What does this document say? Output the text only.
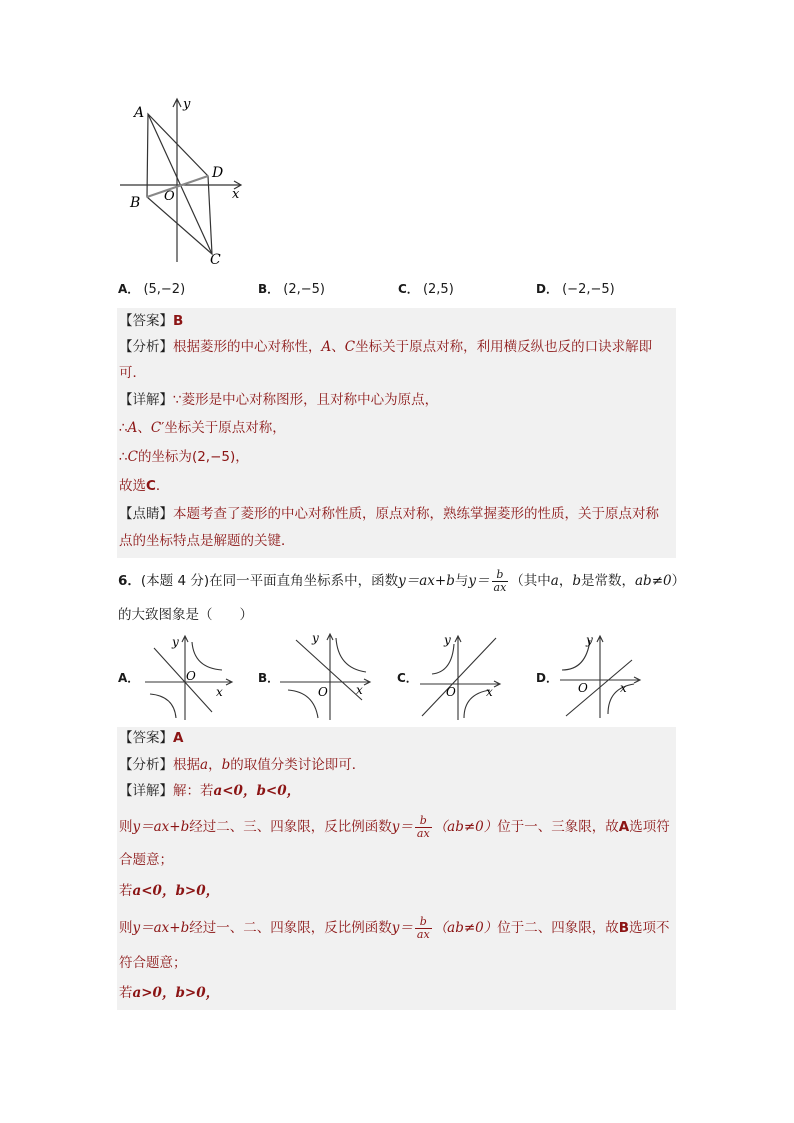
A
y
D
O	x
B
C
A． (5,−2)	B． (2,−5)	C． (2,5)	D． (−2,−5)
【答案】B
【分析】根据菱形的中心对称性，A、C坐标关于原点对称，利用横反纵也反的口诀求解即
可．
【详解】∵菱形是中心对称图形，且对称中心为原点，
∴A、C′坐标关于原点对称，
∴C的坐标为(2,−5)，
故选C．
【点睛】本题考查了菱形的中心对称性质，原点对称，熟练掌握菱形的性质，关于原点对称
点的坐标特点是解题的关键．
6．(本题 4 分)在同一平面直角坐标系中，函数y＝ax+b与$y= \frac{b}{ax}$ （其中a，b是常数，ab≠0）
的大致图象是（　　）
A．
y
O
x
B．
y
O x
C．
y
O	x
D．
y
O	x
【答案】A
【分析】根据a，b的取值分类讨论即可．
【详解】解：若a<0，b<0，
则y＝ax+b经过二、三、四象限，反比例函数$y= \frac{b}{ax} (ab\ne 0)$位于一、三象限，故A选项符
合题意；
若a<0，b>0，
则y＝ax+b经过一、二、四象限，反比例函数$y= \frac{b}{ax} (ab\ne 0)$位于二、四象限，故B选项不
符合题意；
若a>0，b>0，
